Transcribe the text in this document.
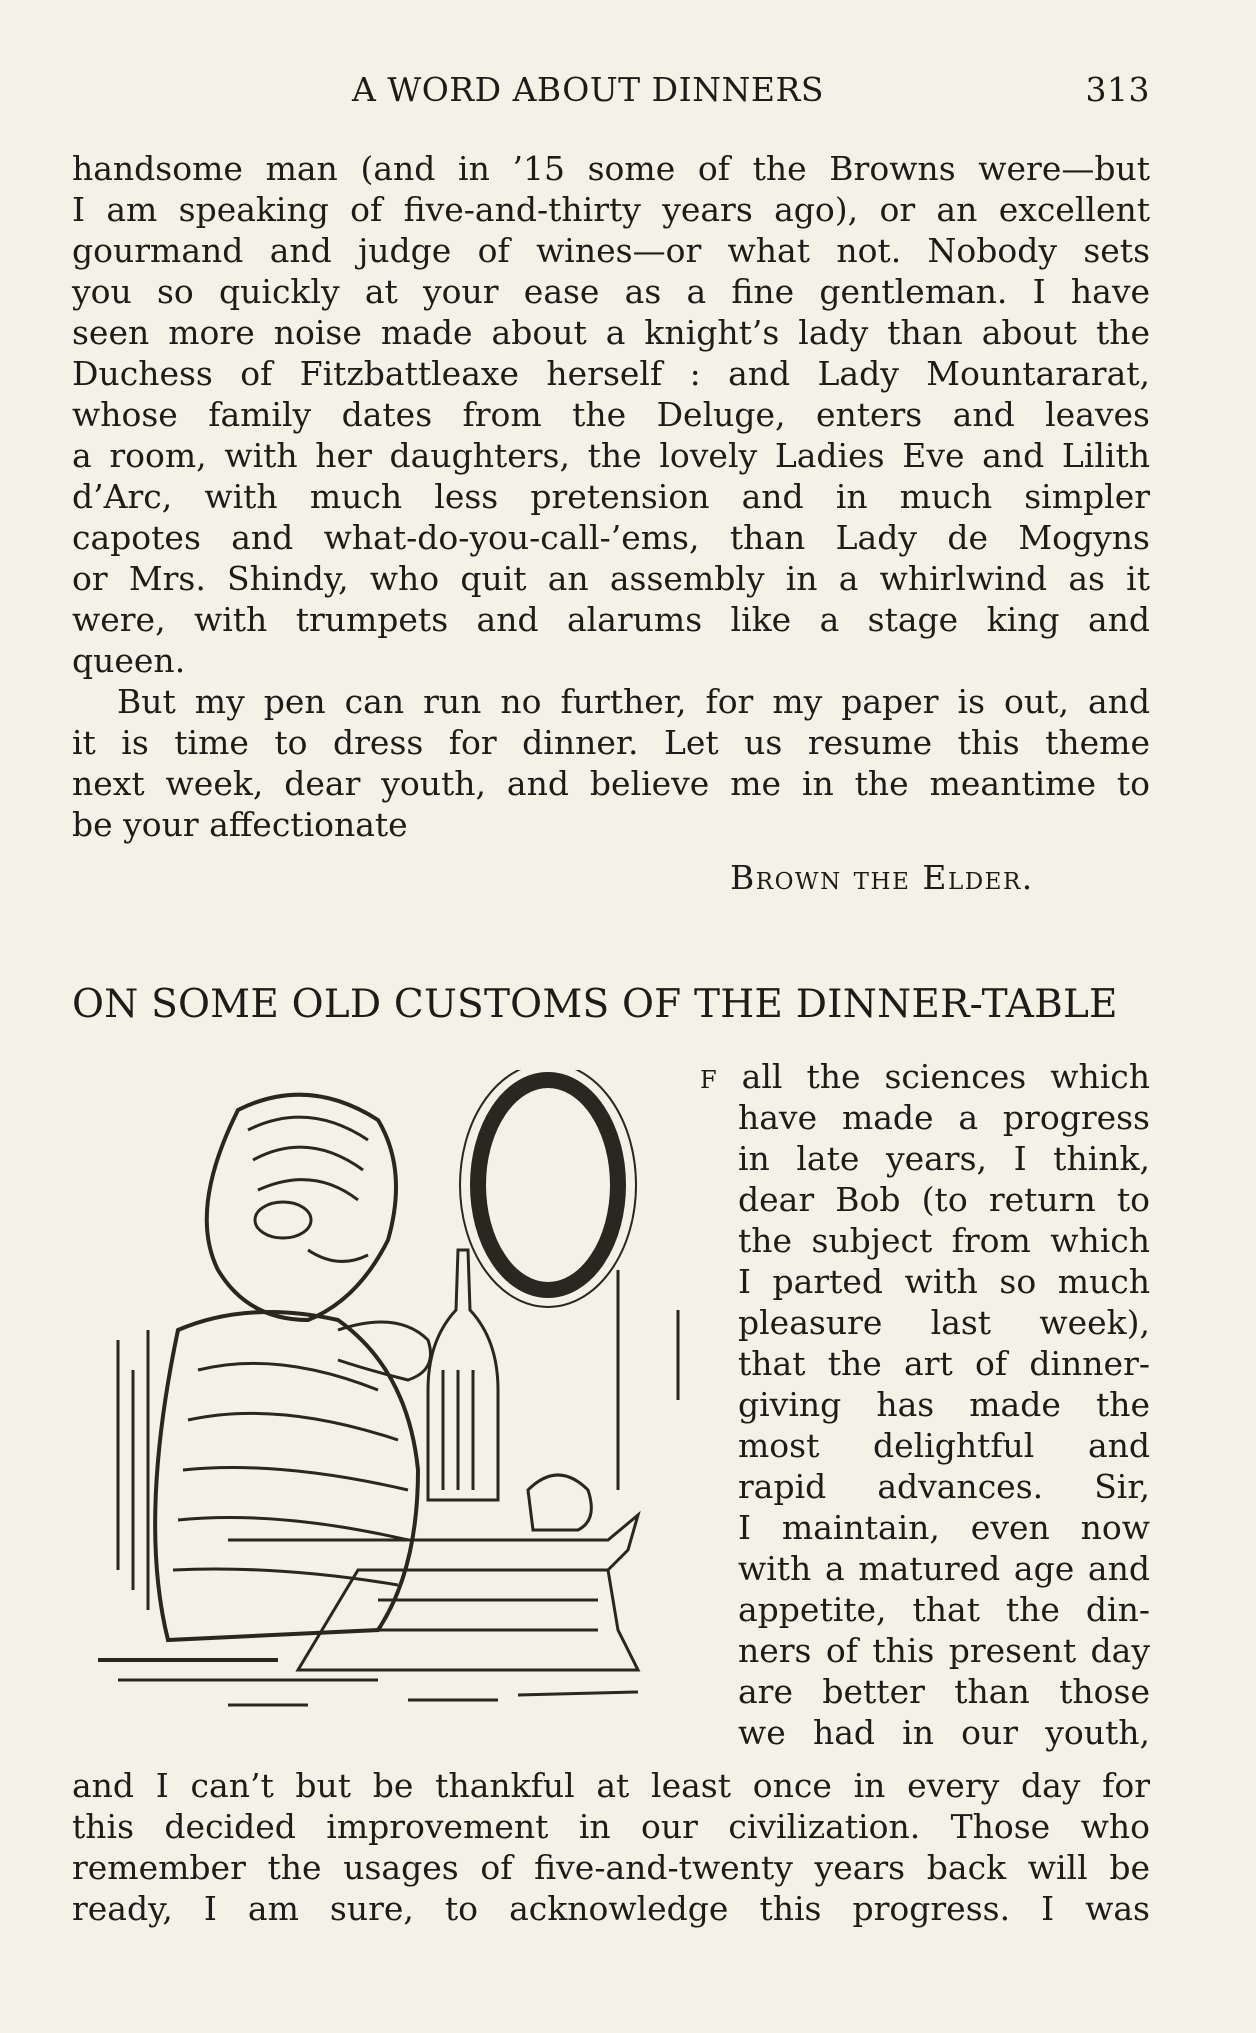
A WORD ABOUT DINNERS	313
handsome man (and in ’15 some of the Browns were—but
I am speaking of five-and-thirty years ago), or an excellent
gourmand and judge of wines—or what not. Nobody sets
you so quickly at your ease as a fine gentleman. I have
seen more noise made about a knight’s lady than about the
Duchess of Fitzbattleaxe herself : and Lady Mountararat,
whose family dates from the Deluge, enters and leaves
a room, with her daughters, the lovely Ladies Eve and Lilith
d’Arc, with much less pretension and in much simpler
capotes and what-do-you-call-’ems, than Lady de Mogyns
or Mrs. Shindy, who quit an assembly in a whirlwind as it
were, with trumpets and alarums like a stage king and
queen.
But my pen can run no further, for my paper is out, and
it is time to dress for dinner. Let us resume this theme
next week, dear youth, and believe me in the meantime to
be your affectionate
Brown the Elder.
ON SOME OLD CUSTOMS OF THE DINNER-TABLE
F all the sciences which
have made a progress
in late years, I think,
dear Bob (to return to
the subject from which
I parted with so much
pleasure last week),
that the art of dinner-
giving has made the
most delightful and
rapid advances. Sir,
I maintain, even now
with a matured age and
appetite, that the din-
ners of this present day
are better than those
we had in our youth,
and I can’t but be thankful at least once in every day for
this decided improvement in our civilization. Those who
remember the usages of five-and-twenty years back will be
ready, I am sure, to acknowledge this progress. I was
